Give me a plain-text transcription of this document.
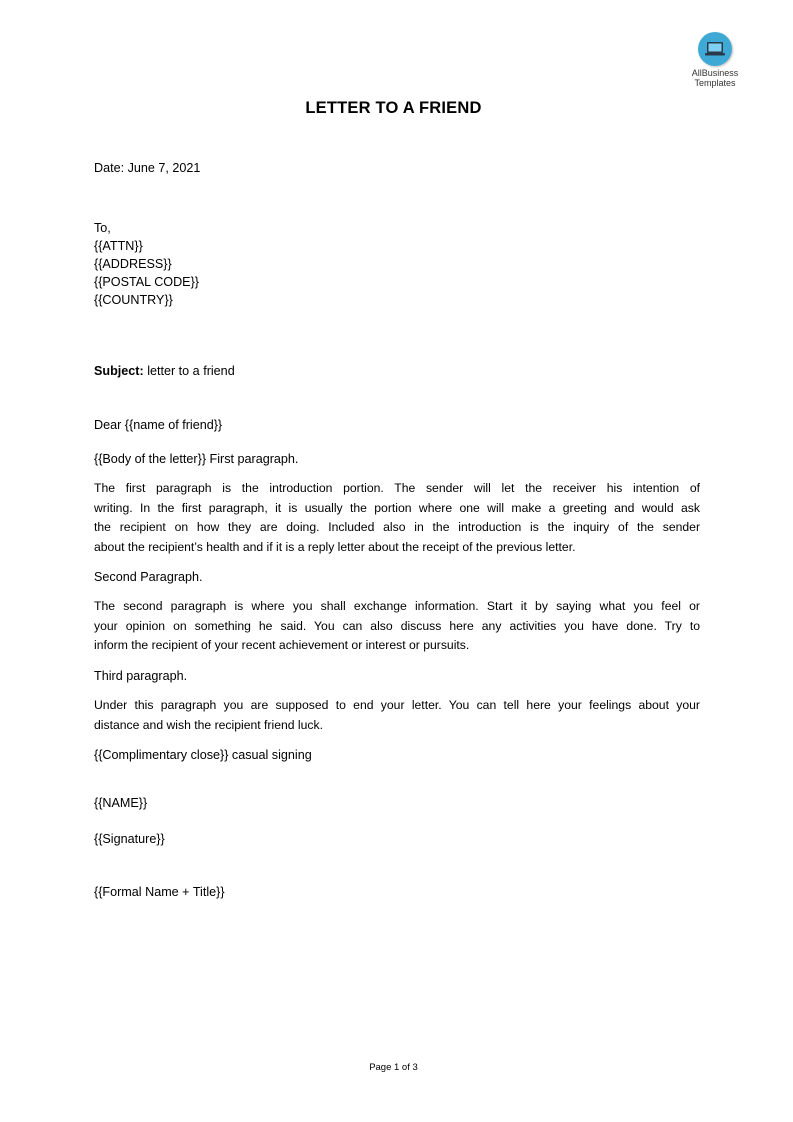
AllBusiness
Templates
LETTER TO A FRIEND
Date: June 7, 2021
To,
{{ATTN}}
{{ADDRESS}}
{{POSTAL CODE}}
{{COUNTRY}}
Subject: letter to a friend
Dear {{name of friend}}
{{Body of the letter}} First paragraph.
The first paragraph is the introduction portion. The sender will let the receiver his intention of
writing. In the first paragraph, it is usually the portion where one will make a greeting and would ask
the recipient on how they are doing. Included also in the introduction is the inquiry of the sender
about the recipient’s health and if it is a reply letter about the receipt of the previous letter.
Second Paragraph.
The second paragraph is where you shall exchange information. Start it by saying what you feel or
your opinion on something he said. You can also discuss here any activities you have done. Try to
inform the recipient of your recent achievement or interest or pursuits.
Third paragraph.
Under this paragraph you are supposed to end your letter. You can tell here your feelings about your
distance and wish the recipient friend luck.
{{Complimentary close}} casual signing
{{NAME}}
{{Signature}}
{{Formal Name + Title}}
Page 1 of 3
